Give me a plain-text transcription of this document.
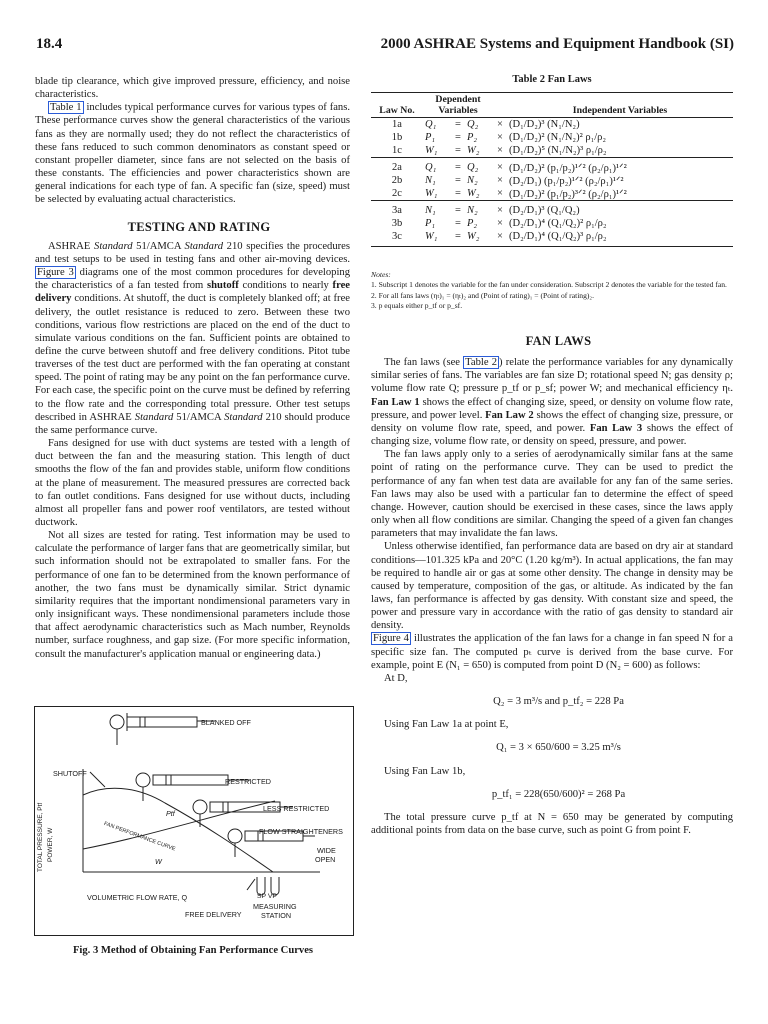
18.4	2000 ASHRAE Systems and Equipment Handbook (SI)

blade tip clearance, which give improved pressure, efficiency, and noise characteristics.

Table 1 includes typical performance curves for various types of fans. These performance curves show the general characteristics of the various fans as they are normally used; they do not reflect the characteristics of these fans reduced to such common denominators as constant speed or constant propeller diameter, since fans are not selected on the basis of these constants. The efficiencies and power characteristics shown are general indications for each type of fan. A specific fan (size, speed) must be selected by evaluating actual characteristics.

TESTING AND RATING

ASHRAE Standard 51/AMCA Standard 210 specifies the procedures and test setups to be used in testing fans and other air-moving devices. Figure 3 diagrams one of the most common procedures for developing the characteristics of a fan tested from shutoff conditions to nearly free delivery conditions. At shutoff, the duct is completely blanked off; at free delivery, the outlet resistance is reduced to zero. Between these two conditions, various flow restrictions are placed on the end of the duct to simulate various conditions on the fan. Sufficient points are obtained to define the curve between shutoff and free delivery conditions. Pitot tube traverses of the test duct are performed with the fan operating at constant speed. The point of rating may be any point on the fan performance curve. For each case, the specific point on the curve must be defined by referring to the flow rate and the corresponding total pressure. Other test setups described in ASHRAE Standard 51/AMCA Standard 210 should produce the same performance curve.

Fans designed for use with duct systems are tested with a length of duct between the fan and the measuring station. This length of duct smooths the flow of the fan and provides stable, uniform flow conditions at the plane of measurement. The measured pressures are corrected back to fan outlet conditions. Fans designed for use without ducts, including almost all propeller fans and power roof ventilators, are tested without ductwork.

Not all sizes are tested for rating. Test information may be used to calculate the performance of larger fans that are geometrically similar, but such information should not be extrapolated to smaller fans. For the performance of one fan to be determined from the known performance of another, the two fans must be dynamically similar. Strict dynamic similarity requires that the important nondimensional parameters vary in only insignificant ways. These nondimensional parameters include those that affect aerodynamic characteristics such as Mach number, Reynolds number, surface roughness, and gap size. (For more specific information, consult the manufacturer's application manual or engineering data.)

BLANKED OFF
SHUTOFF
RESTRICTED
LESS RESTRICTED
FLOW STRAIGHTENERS
WIDE
OPEN
Ptf
FAN PERFORMANCE CURVE
W
TOTAL PRESSURE, Ptf POWER, W
VOLUMETRIC FLOW RATE, Q
FREE DELIVERY
SP VP
MEASURING
STATION
Fig. 3 Method of Obtaining Fan Performance Curves
Table 2 Fan Laws
Law No.	Dependent
Variables				Independent Variables
1a	Q₁	=	Q₂	×	(D₁/D₂)³ (N₁/N₂)
1b	P₁	=	P₂	×	(D₁/D₂)² (N₁/N₂)² ρ₁/ρ₂
1c	W₁	=	W₂	×	(D₁/D₂)⁵ (N₁/N₂)³ ρ₁/ρ₂
2a	Q₁	=	Q₂	×	(D₁/D₂)² (p₁/p₂)¹ᐟ² (ρ₂/ρ₁)¹ᐟ²
2b	N₁	=	N₂	×	(D₂/D₁) (p₁/p₂)¹ᐟ² (ρ₂/ρ₁)¹ᐟ²
2c	W₁	=	W₂	×	(D₁/D₂)² (p₁/p₂)³ᐟ² (ρ₂/ρ₁)¹ᐟ²
3a	N₁	=	N₂	×	(D₂/D₁)³ (Q₁/Q₂)
3b	P₁	=	P₂	×	(D₂/D₁)⁴ (Q₁/Q₂)² ρ₁/ρ₂
3c	W₁	=	W₂	×	(D₂/D₁)⁴ (Q₁/Q₂)³ ρ₁/ρ₂
Notes:
1. Subscript 1 denotes the variable for the fan under consideration. Subscript 2 denotes the variable for the tested fan.
2. For all fans laws (ηₜ)₁ = (ηₜ)₂ and (Point of rating)₁ = (Point of rating)₂.
3. p equals either p_tf or p_sf.

FAN LAWS

The fan laws (see Table 2 ) relate the performance variables for any dynamically similar series of fans. The variables are fan size D; rotational speed N; gas density ρ; volume flow rate Q; pressure p_tf or p_sf; power W; and mechanical efficiency ηₜ. Fan Law 1 shows the effect of changing size, speed, or density on volume flow rate, pressure, and power level. Fan Law 2 shows the effect of changing size, pressure, or density on volume flow rate, speed, and power. Fan Law 3 shows the effect of changing size, volume flow rate, or density on speed, pressure, and power.

The fan laws apply only to a series of aerodynamically similar fans at the same point of rating on the performance curve. They can be used to predict the performance of any fan when test data are available for any fan of the same series. Fan laws may also be used with a particular fan to determine the effect of speed change. However, caution should be exercised in these cases, since the laws apply only when all flow conditions are similar. Changing the speed of a given fan changes parameters that may invalidate the fan laws.

Unless otherwise identified, fan performance data are based on dry air at standard conditions—101.325 kPa and 20°C (1.20 kg/m³). In actual applications, the fan may be required to handle air or gas at some other density. The change in density may be caused by temperature, composition of the gas, or altitude. As indicated by the fan laws, fan performance is affected by gas density. With constant size and speed, the power and pressure vary in accordance with the ratio of gas density to standard air density.

Figure 4 illustrates the application of the fan laws for a change in fan speed N for a specific size fan. The computed pₜ curve is derived from the base curve. For example, point E (N₁ = 650) is computed from point D (N₂ = 600) as follows:

At D,

Q₂ = 3 m³/s and p_tf₂ = 228 Pa

Using Fan Law 1a at point E,

Q₁ = 3 × 650/600 = 3.25 m³/s

Using Fan Law 1b,

p_tf₁ = 228(650/600)² = 268 Pa

The total pressure curve p_tf at N = 650 may be generated by computing additional points from data on the base curve, such as point G from point F.
